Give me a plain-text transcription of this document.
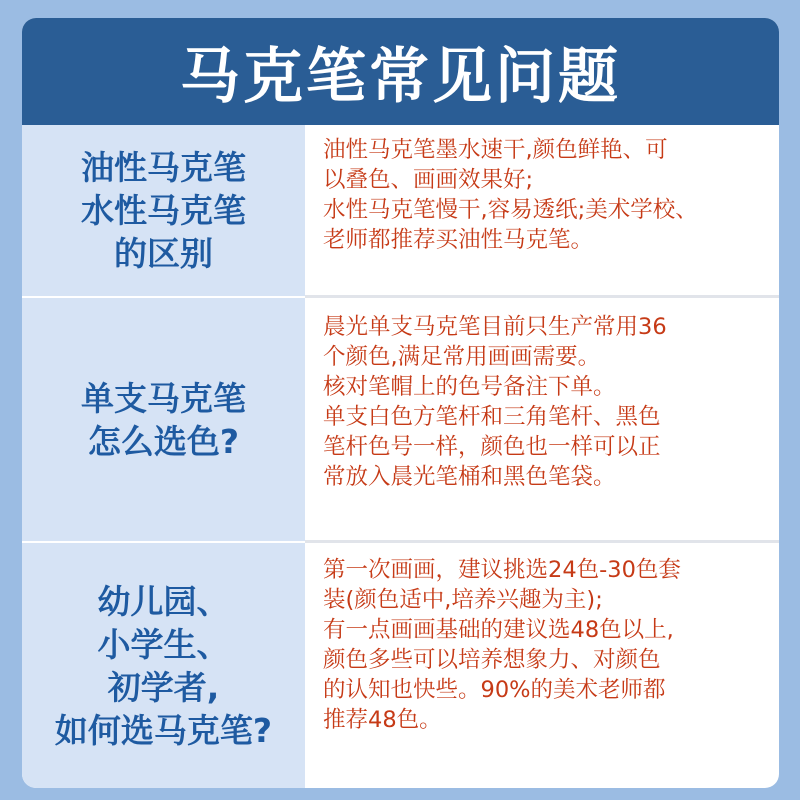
马克笔常见问题
油性马克笔
水性马克笔
的区别
油性马克笔墨水速干,颜色鲜艳、可
以叠色、画画效果好;
水性马克笔慢干,容易透纸;美术学校、
老师都推荐买油性马克笔。
单支马克笔
怎么选色?
晨光单支马克笔目前只生产常用36
个颜色,满足常用画画需要。
核对笔帽上的色号备注下单。
单支白色方笔杆和三角笔杆、黑色
笔杆色号一样，颜色也一样可以正
常放入晨光笔桶和黑色笔袋。
幼儿园、
小学生、
初学者,
如何选马克笔?
第一次画画，建议挑选24色-30色套
装(颜色适中,培养兴趣为主);
有一点画画基础的建议选48色以上,
颜色多些可以培养想象力、对颜色
的认知也快些。90%的美术老师都
推荐48色。
